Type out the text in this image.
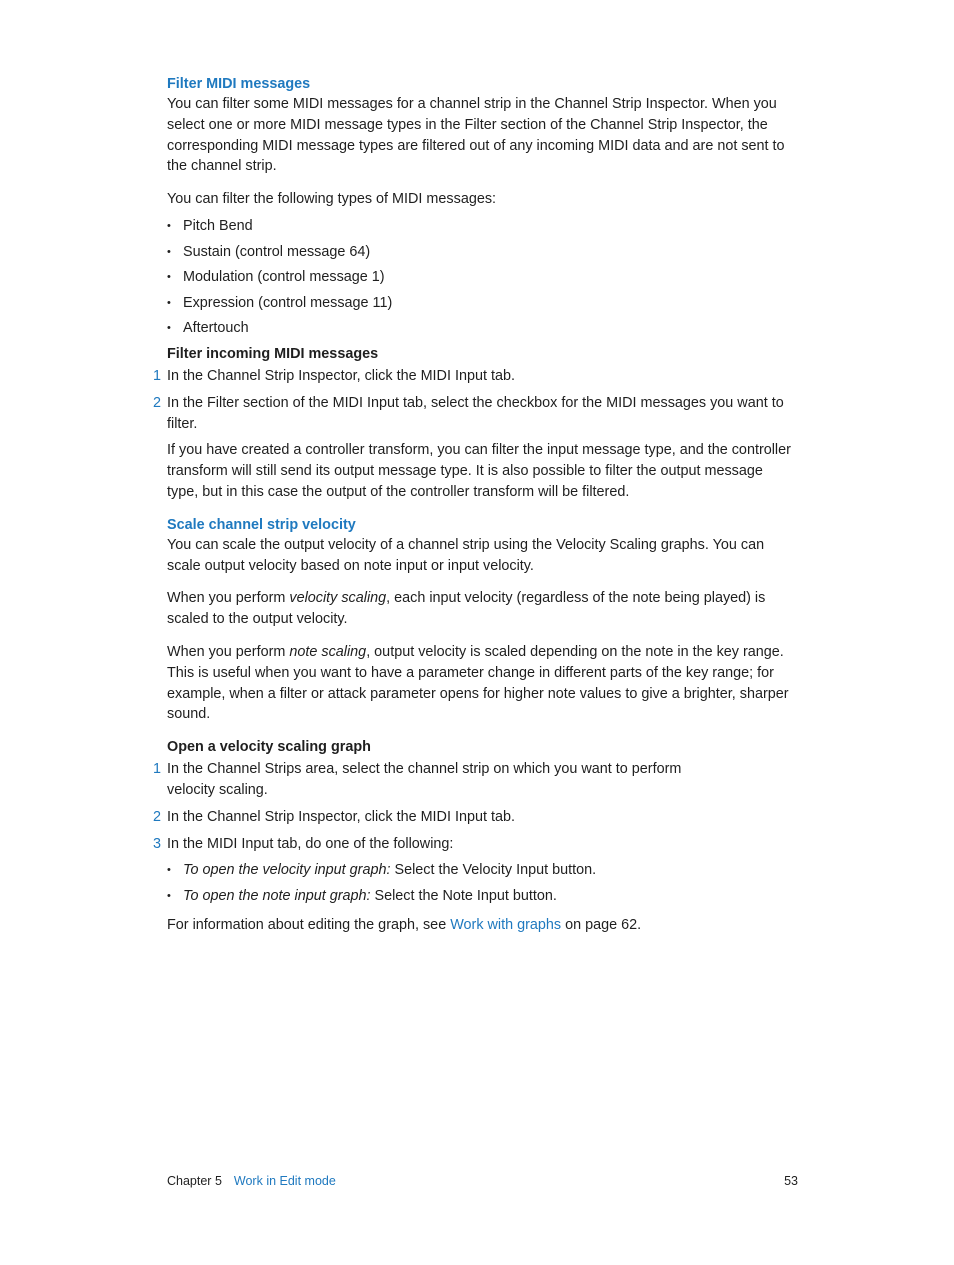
Filter MIDI messages

You can filter some MIDI messages for a channel strip in the Channel Strip Inspector. When you select one or more MIDI message types in the Filter section of the Channel Strip Inspector, the corresponding MIDI message types are filtered out of any incoming MIDI data and are not sent to the channel strip.

You can filter the following types of MIDI messages:

• Pitch Bend
• Sustain (control message 64)
• Modulation (control message 1)
• Expression (control message 11)
• Aftertouch
Filter incoming MIDI messages
1 In the Channel Strip Inspector, click the MIDI Input tab.
2 In the Filter section of the MIDI Input tab, select the checkbox for the MIDI messages you want to filter.

If you have created a controller transform, you can filter the input message type, and the controller transform will still send its output message type. It is also possible to filter the output message type, but in this case the output of the controller transform will be filtered.

Scale channel strip velocity

You can scale the output velocity of a channel strip using the Velocity Scaling graphs. You can scale output velocity based on note input or input velocity.

When you perform velocity scaling, each input velocity (regardless of the note being played) is scaled to the output velocity.

When you perform note scaling, output velocity is scaled depending on the note in the key range. This is useful when you want to have a parameter change in different parts of the key range; for example, when a filter or attack parameter opens for higher note values to give a brighter, sharper sound.

Open a velocity scaling graph
1 In the Channel Strips area, select the channel strip on which you want to perform velocity scaling.
2 In the Channel Strip Inspector, click the MIDI Input tab.
3 In the MIDI Input tab, do one of the following:
• To open the velocity input graph: Select the Velocity Input button.
• To open the note input graph: Select the Note Input button.

For information about editing the graph, see Work with graphs on page 62.

Chapter 5 Work in Edit mode	53
